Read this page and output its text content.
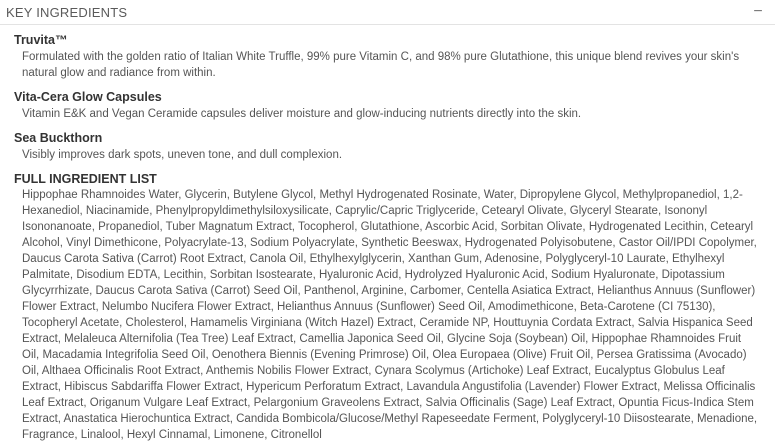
KEY INGREDIENTS	−

Truvita™

Formulated with the golden ratio of Italian White Truffle, 99% pure Vitamin C, and 98% pure Glutathione, this unique blend revives your skin's natural glow and radiance from within.

Vita-Cera Glow Capsules

Vitamin E&K and Vegan Ceramide capsules deliver moisture and glow-inducing nutrients directly into the skin.

Sea Buckthorn

Visibly improves dark spots, uneven tone, and dull complexion.

FULL INGREDIENT LIST

Hippophae Rhamnoides Water, Glycerin, Butylene Glycol, Methyl Hydrogenated Rosinate, Water, Dipropylene Glycol, Methylpropanediol, 1,2-Hexanediol, Niacinamide, Phenylpropyldimethylsiloxysilicate, Caprylic/Capric Triglyceride, Cetearyl Olivate, Glyceryl Stearate, Isononyl Isononanoate, Propanediol, Tuber Magnatum Extract, Tocopherol, Glutathione, Ascorbic Acid, Sorbitan Olivate, Hydrogenated Lecithin, Cetearyl Alcohol, Vinyl Dimethicone, Polyacrylate-13, Sodium Polyacrylate, Synthetic Beeswax, Hydrogenated Polyisobutene, Castor Oil/IPDI Copolymer, Daucus Carota Sativa (Carrot) Root Extract, Canola Oil, Ethylhexylglycerin, Xanthan Gum, Adenosine, Polyglyceryl-10 Laurate, Ethylhexyl Palmitate, Disodium EDTA, Lecithin, Sorbitan Isostearate, Hyaluronic Acid, Hydrolyzed Hyaluronic Acid, Sodium Hyaluronate, Dipotassium Glycyrrhizate, Daucus Carota Sativa (Carrot) Seed Oil, Panthenol, Arginine, Carbomer, Centella Asiatica Extract, Helianthus Annuus (Sunflower) Flower Extract, Nelumbo Nucifera Flower Extract, Helianthus Annuus (Sunflower) Seed Oil, Amodimethicone, Beta-Carotene (CI 75130), Tocopheryl Acetate, Cholesterol, Hamamelis Virginiana (Witch Hazel) Extract, Ceramide NP, Houttuynia Cordata Extract, Salvia Hispanica Seed Extract, Melaleuca Alternifolia (Tea Tree) Leaf Extract, Camellia Japonica Seed Oil, Glycine Soja (Soybean) Oil, Hippophae Rhamnoides Fruit Oil, Macadamia Integrifolia Seed Oil, Oenothera Biennis (Evening Primrose) Oil, Olea Europaea (Olive) Fruit Oil, Persea Gratissima (Avocado) Oil, Althaea Officinalis Root Extract, Anthemis Nobilis Flower Extract, Cynara Scolymus (Artichoke) Leaf Extract, Eucalyptus Globulus Leaf Extract, Hibiscus Sabdariffa Flower Extract, Hypericum Perforatum Extract, Lavandula Angustifolia (Lavender) Flower Extract, Melissa Officinalis Leaf Extract, Origanum Vulgare Leaf Extract, Pelargonium Graveolens Extract, Salvia Officinalis (Sage) Leaf Extract, Opuntia Ficus-Indica Stem Extract, Anastatica Hierochuntica Extract, Candida Bombicola/Glucose/Methyl Rapeseedate Ferment, Polyglyceryl-10 Diisostearate, Menadione, Fragrance, Linalool, Hexyl Cinnamal, Limonene, Citronellol
